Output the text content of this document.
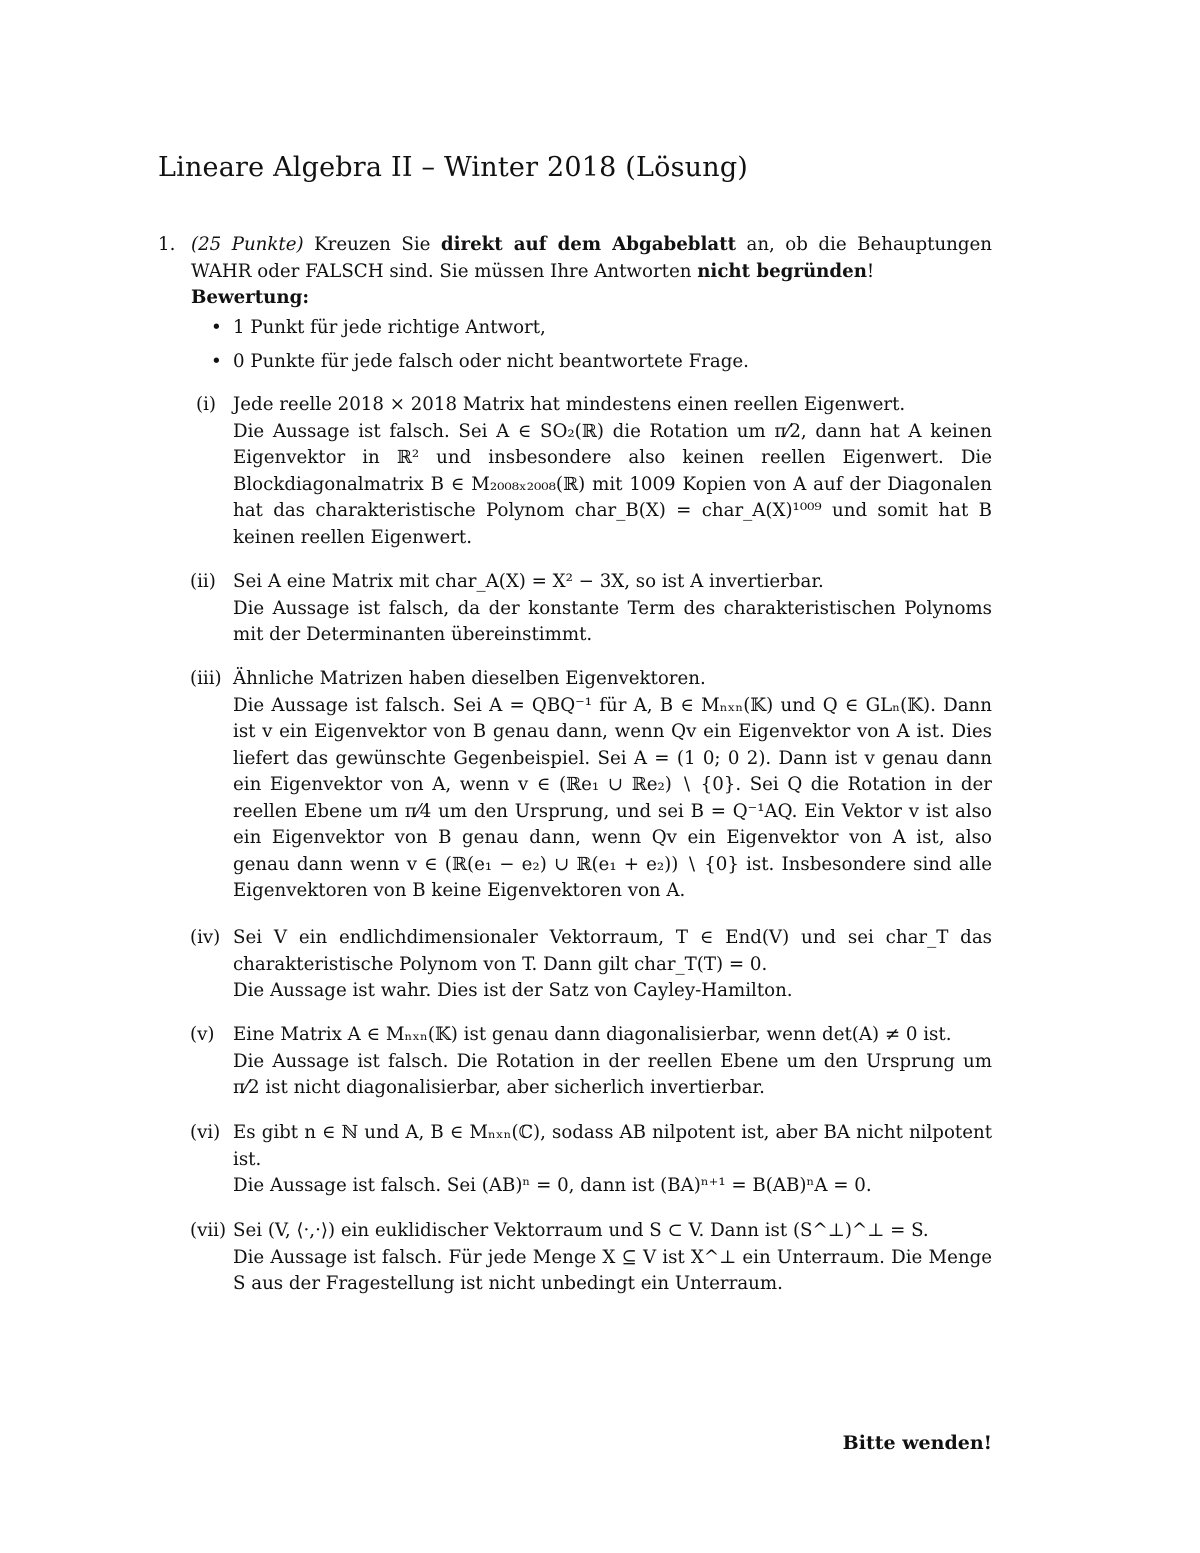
Lineare Algebra II – Winter 2018 (Lösung)
1. (25 Punkte) Kreuzen Sie direkt auf dem Abgabeblatt an, ob die Behauptungen WAHR oder FALSCH sind. Sie müssen Ihre Antworten nicht begründen!
Bewertung:
• 1 Punkt für jede richtige Antwort,
• 0 Punkte für jede falsch oder nicht beantwortete Frage.
(i) Jede reelle 2018 × 2018 Matrix hat mindestens einen reellen Eigenwert.

Die Aussage ist falsch. Sei A ∈ SO₂(ℝ) die Rotation um π⁄2, dann hat A keinen Eigenvektor in ℝ² und insbesondere also keinen reellen Eigenwert. Die Blockdiagonalmatrix B ∈ M₂₀₀₈ₓ₂₀₀₈(ℝ) mit 1009 Kopien von A auf der Diagonalen hat das charakteristische Polynom char_B(X) = char_A(X)¹⁰⁰⁹ und somit hat B keinen reellen Eigenwert.

(ii) Sei A eine Matrix mit char_A(X) = X² − 3X, so ist A invertierbar.

Die Aussage ist falsch, da der konstante Term des charakteristischen Polynoms mit der Determinanten übereinstimmt.

(iii) Ähnliche Matrizen haben dieselben Eigenvektoren.

Die Aussage ist falsch. Sei A = QBQ⁻¹ für A, B ∈ Mₙₓₙ(𝕂) und Q ∈ GLₙ(𝕂). Dann ist v ein Eigenvektor von B genau dann, wenn Qv ein Eigenvektor von A ist. Dies liefert das gewünschte Gegenbeispiel. Sei A = (1 0; 0 2). Dann ist v genau dann ein Eigenvektor von A, wenn v ∈ (ℝe₁ ∪ ℝe₂) ∖ {0}. Sei Q die Rotation in der reellen Ebene um π⁄4 um den Ursprung, und sei B = Q⁻¹AQ. Ein Vektor v ist also ein Eigenvektor von B genau dann, wenn Qv ein Eigenvektor von A ist, also genau dann wenn v ∈ (ℝ(e₁ − e₂) ∪ ℝ(e₁ + e₂)) ∖ {0} ist. Insbesondere sind alle Eigenvektoren von B keine Eigenvektoren von A.

(iv) Sei V ein endlichdimensionaler Vektorraum, T ∈ End(V) und sei char_T das charakteristische Polynom von T. Dann gilt char_T(T) = 0.

Die Aussage ist wahr. Dies ist der Satz von Cayley-Hamilton.

(v)	Eine Matrix A ∈ Mₙₓₙ(𝕂) ist genau dann diagonalisierbar, wenn det(A) ≠ 0 ist.

Die Aussage ist falsch. Die Rotation in der reellen Ebene um den Ursprung um π⁄2 ist nicht diagonalisierbar, aber sicherlich invertierbar.

(vi) Es gibt n ∈ ℕ und A, B ∈ Mₙₓₙ(ℂ), sodass AB nilpotent ist, aber BA nicht nilpotent ist.

Die Aussage ist falsch. Sei (AB)ⁿ = 0, dann ist (BA)ⁿ⁺¹ = B(AB)ⁿA = 0.

(vii) Sei (V, ⟨·,·⟩) ein euklidischer Vektorraum und S ⊂ V. Dann ist (S^⊥)^⊥ = S.

Die Aussage ist falsch. Für jede Menge X ⊆ V ist X^⊥ ein Unterraum. Die Menge S aus der Fragestellung ist nicht unbedingt ein Unterraum.

Bitte wenden!
